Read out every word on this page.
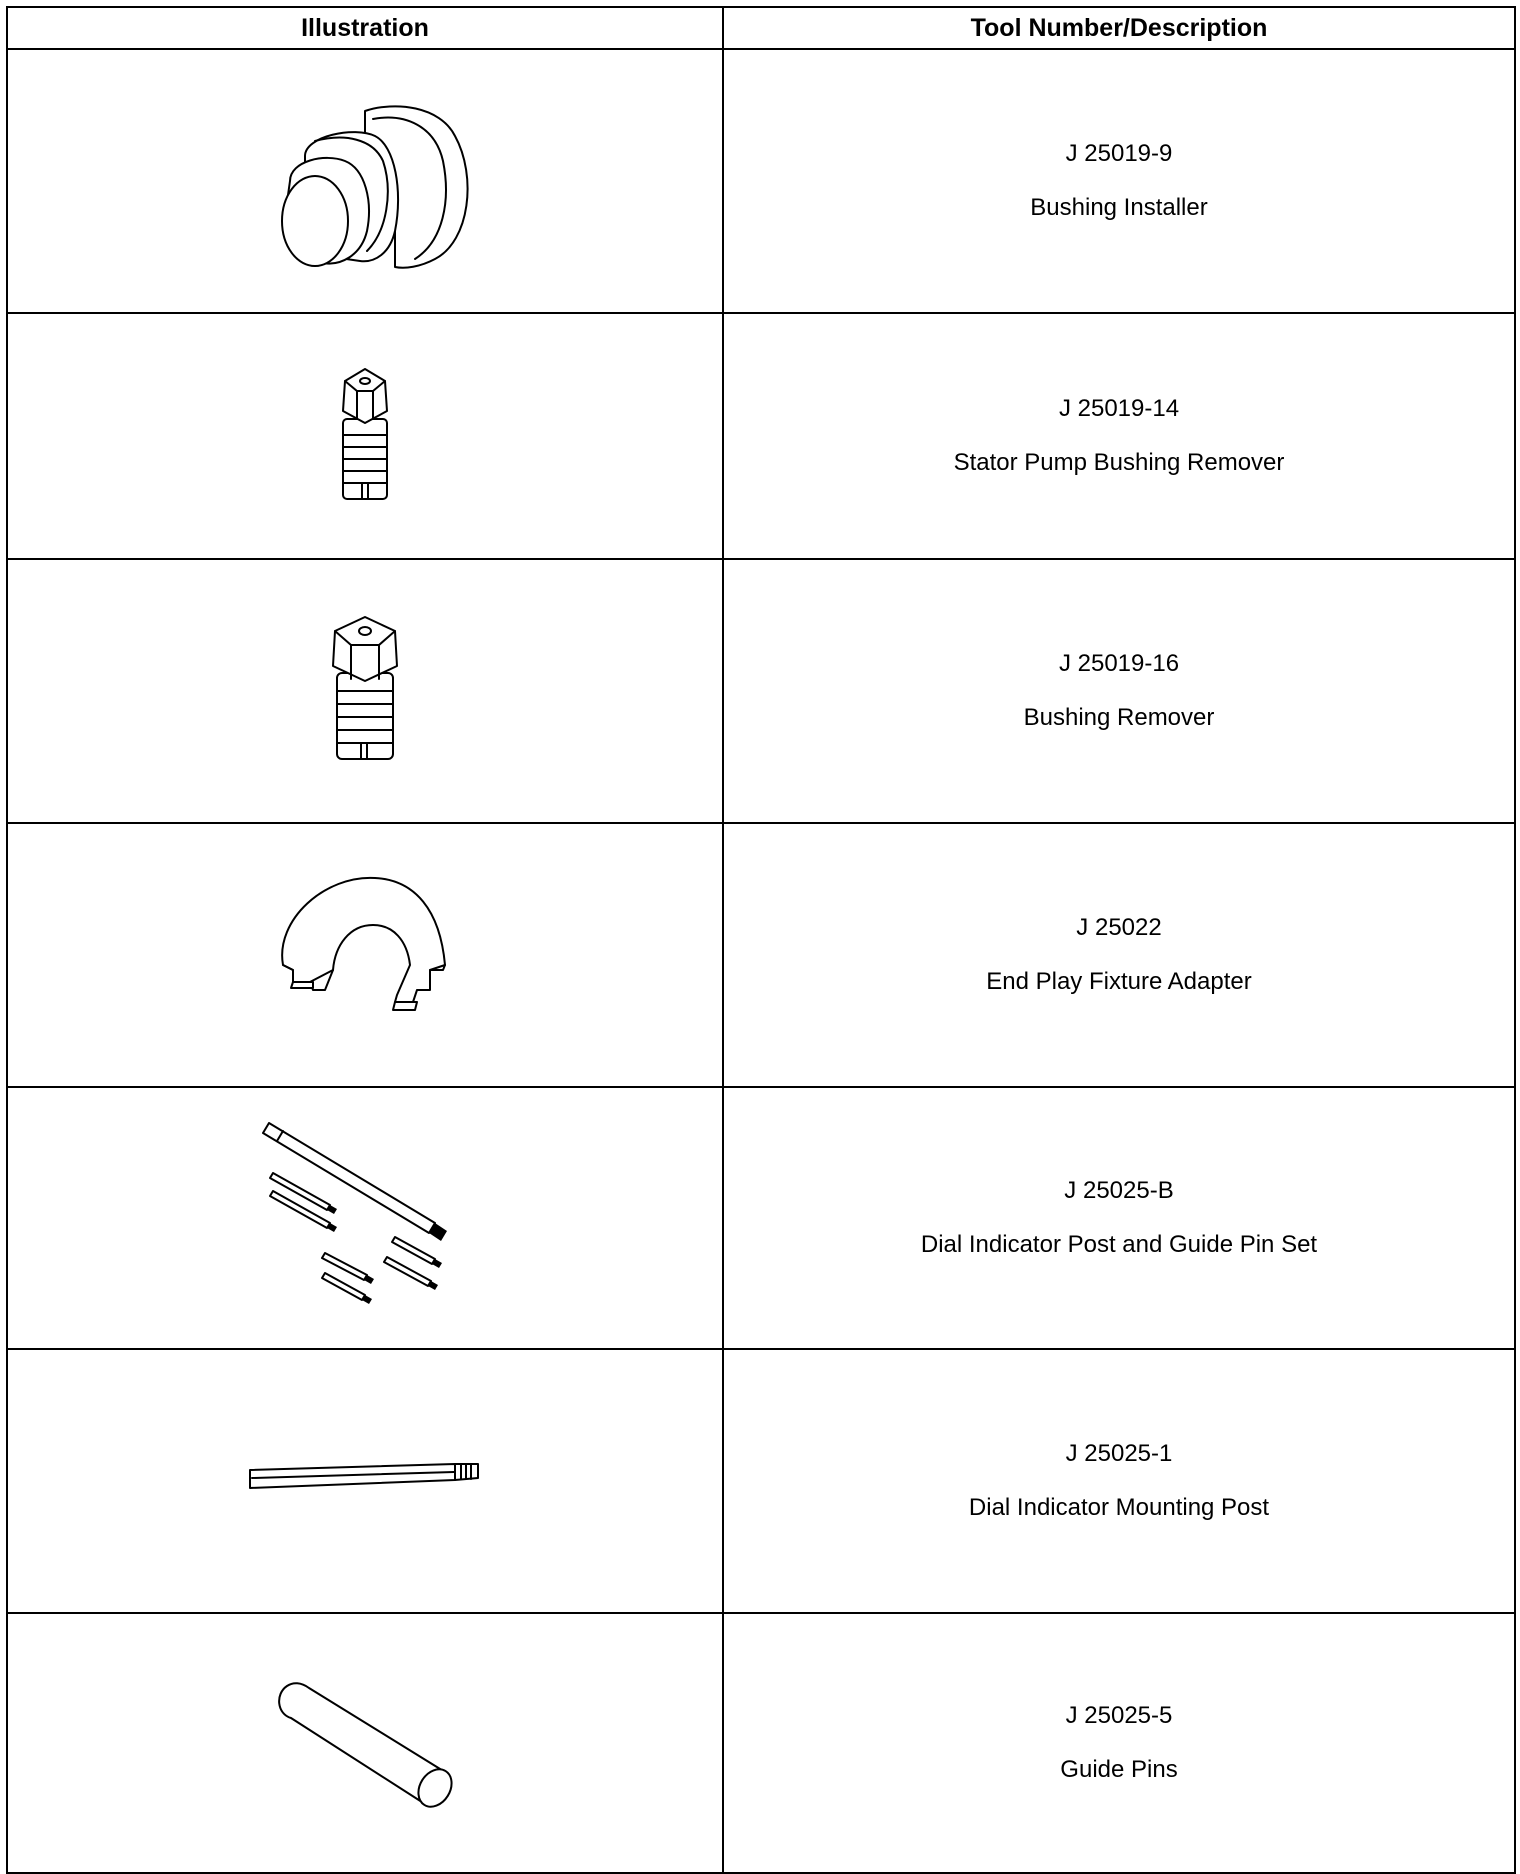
Illustration	Tool Number/Description

J 25019-9
Bushing Installer

J 25019-14
Stator Pump Bushing Remover

J 25019-16
Bushing Remover

J 25022
End Play Fixture Adapter

J 25025-B
Dial Indicator Post and Guide Pin Set

J 25025-1
Dial Indicator Mounting Post

J 25025-5
Guide Pins
